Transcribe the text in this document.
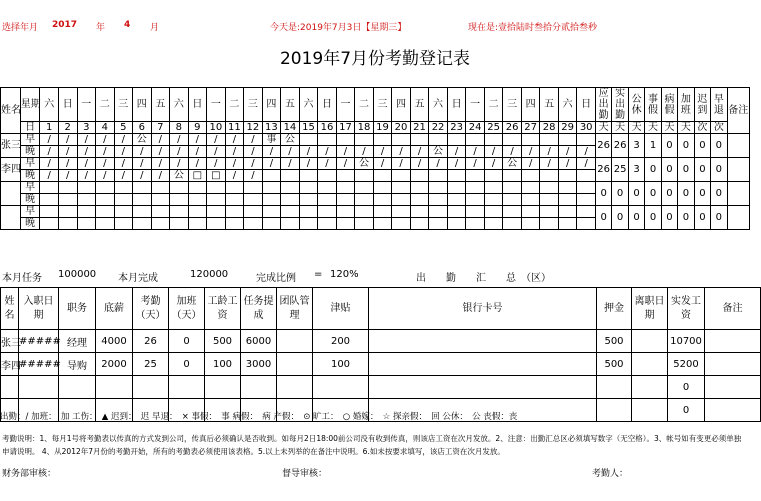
选择年月 2017 年 4 月	今天是:2019年7月3日【星期三】	现在是:壹拾陆时叁拾分贰拾叁秒
2019年7月份考勤登记表
姓名	星期	六	日	一	二	三	四	五	六	日	一	二	三	四	五	六	日	一	二	三	四	五	六	日	一	二	三	四	五	六	日	应出勤	实出勤	公休	事假	病假	加班	迟到	早退	备注
	日	1	2	3	4	5	6	7	8	9	10	11	12	13	14	15	16	17	18	19	20	21	22	23	24	25	26	27	28	29	30	天	天	天	天	天	天	次	次	
张三	早	/	/	/	/	/	公	/	/	/	/	/	/	事	公																	26	26	3	1	0	0	0	0	
	晚	/	/	/	/	/	/	/	/	/	/	/	/	/	/	/	/	/	/	/	/	/	公	/	/	/	/	/	/	/	/									
李四	早	/	/	/	/	/	/	/	/	/	/	/	/	/	/	/	/	/	公	/	/	/	/	/	/	/	公	/	/	/	/	26	25	3	0	0	0	0	0	
	晚	/	/	/	/	/	/	/	公	□	□	/	/																											
	早																															0	0	0	0	0	0	0	0	
	晚																																							
	早																															0	0	0	0	0	0	0	0	
	晚																																							
本月任务 100000 本月完成	120000	完成比例 = 120%	出　　勤　　汇　　总　（区）
姓名	入职日期	职务	底薪	考勤（天）	加班（天）	工龄工资	任务提成	团队管理	津贴	银行卡号	押金	离职日期	实发工资	备注
张三	#####	经理	4000	26	0	500	6000		200		500		10700	
李四	#####	导购	2000	25	0	100	3000		100		500		5200	
													0	
													0	
出勤：/ 加班：　加 工伤：　▲ 迟到：　迟 早退：　× 事假：　事 病假：　病 产假：　⊙ 旷工：　○ 婚嫁：　☆ 探亲假：　回 公休：　公 丧假：丧
考勤说明：1、每月1号将考勤表以传真的方式发到公司，传真后必须确认是否收到。如每月2日18:00前公司没有收到传真，则该店工资在次月发放。2、注意：出勤汇总区必须填写数字（无空格）。3、帐号如有变更必须单独申请说明。 4、从2012年7月份的考勤开始，所有的考勤表必须使用该表格。5.以上未列举的在备注中说明。6.如未按要求填写，该店工资在次月发放。
财务部审核：	督导审核：	考勤人：
